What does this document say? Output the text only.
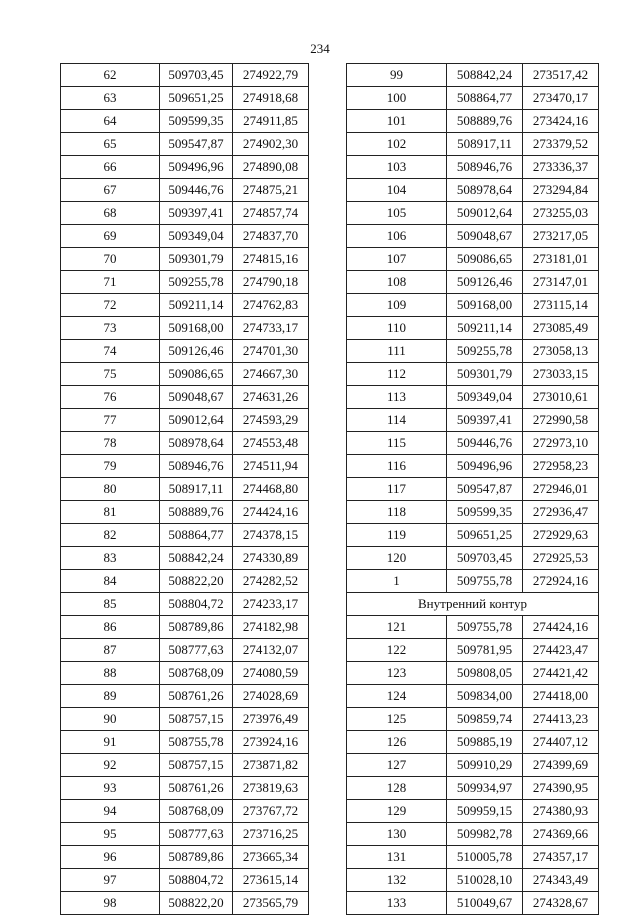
234
62	509703,45	274922,79
63	509651,25	274918,68
64	509599,35	274911,85
65	509547,87	274902,30
66	509496,96	274890,08
67	509446,76	274875,21
68	509397,41	274857,74
69	509349,04	274837,70
70	509301,79	274815,16
71	509255,78	274790,18
72	509211,14	274762,83
73	509168,00	274733,17
74	509126,46	274701,30
75	509086,65	274667,30
76	509048,67	274631,26
77	509012,64	274593,29
78	508978,64	274553,48
79	508946,76	274511,94
80	508917,11	274468,80
81	508889,76	274424,16
82	508864,77	274378,15
83	508842,24	274330,89
84	508822,20	274282,52
85	508804,72	274233,17
86	508789,86	274182,98
87	508777,63	274132,07
88	508768,09	274080,59
89	508761,26	274028,69
90	508757,15	273976,49
91	508755,78	273924,16
92	508757,15	273871,82
93	508761,26	273819,63
94	508768,09	273767,72
95	508777,63	273716,25
96	508789,86	273665,34
97	508804,72	273615,14
98	508822,20	273565,79
99	508842,24	273517,42
100	508864,77	273470,17
101	508889,76	273424,16
102	508917,11	273379,52
103	508946,76	273336,37
104	508978,64	273294,84
105	509012,64	273255,03
106	509048,67	273217,05
107	509086,65	273181,01
108	509126,46	273147,01
109	509168,00	273115,14
110	509211,14	273085,49
111	509255,78	273058,13
112	509301,79	273033,15
113	509349,04	273010,61
114	509397,41	272990,58
115	509446,76	272973,10
116	509496,96	272958,23
117	509547,87	272946,01
118	509599,35	272936,47
119	509651,25	272929,63
120	509703,45	272925,53
1	509755,78	272924,16
Внутренний контур		
121	509755,78	274424,16
122	509781,95	274423,47
123	509808,05	274421,42
124	509834,00	274418,00
125	509859,74	274413,23
126	509885,19	274407,12
127	509910,29	274399,69
128	509934,97	274390,95
129	509959,15	274380,93
130	509982,78	274369,66
131	510005,78	274357,17
132	510028,10	274343,49
133	510049,67	274328,67
